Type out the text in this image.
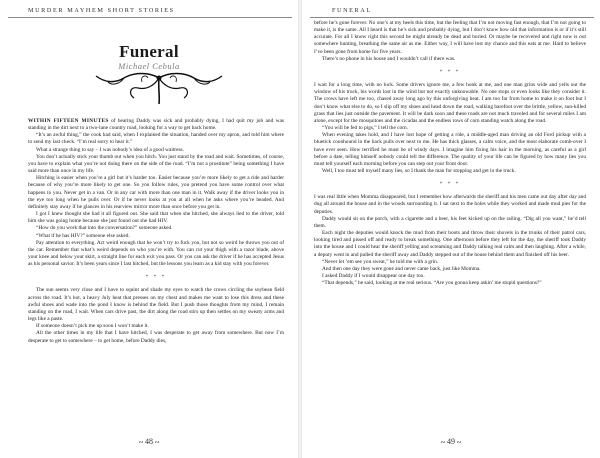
MURDER MAYHEM SHORT STORIES
Funeral
Michael Cebula

WITHIN FIFTEEN MINUTES of hearing Daddy was sick and probably dying, I had quit my job and was standing in the dirt next to a two-lane country road, looking for a way to get back home.

“It’s an awful thing,” the cook had said, when I explained the situation, handed over my apron, and told him where to send my last check. “I’m real sorry to hear it.”

What a strange thing to say – I was nobody’s idea of a good waitress.

You don’t actually stick your thumb out when you hitch. You just stand by the road and wait. Sometimes, of course, you have to explain what you’re not doing there on the side of the road. “I’m not a prostitute” being something I have said more than once in my life.

Hitching is easier when you’re a girl but it’s harder too. Easier because you’re more likely to get a ride and harder because of why you’re more likely to get one. So you follow rules, you pretend you have some control over what happens to you. Never get in a van. Or in any car with more than one man in it. Walk away if the driver looks you in the eye too long when he pulls over. Or if he never looks at you at all when he asks where you’re headed. And definitely stay away if he glances in his rearview mirror more than once before you get in.

I got I knew thought she had it all figured out. She said that when she hitched, she always lied to the driver, told him she was going home because she just found out she had HIV.

“How do you work that into the conversation?” someone asked.

“What if he has HIV?” someone else asked.

Pay attention to everything. Act weird enough that he won’t try to fuck you, but not so weird he throws you out of the car. Remember that what’s weird depends on who you’re with. You can cut your thigh with a razor blade, above your knee and below your skirt, a straight line for each exit you pass. Or you can ask the driver if he has accepted Jesus as his personal savior. It’s been years since I last hitched, but the lessons you learn as a kid stay with you forever.

* * *

The sun seems very close and I have to squint and shade my eyes to watch the crows circling the soybean field across the road. It’s hot, a heavy July heat that presses on my chest and makes me want to lose this dress and these awful shoes and wade into the pond I know is behind the field. But I push those thoughts from my mind, I remain standing on the road, I wait. When cars drive past, the dirt along the road stirs up then settles on my sweaty arms and legs like a paste.

If someone doesn’t pick me up soon I won’t make it.

All the other times in my life that I have hitched, I was desperate to get away from somewhere. But now I’m desperate to get to somewhere – to get home, before Daddy dies,

∾ 48 ∾
FUNERAL

before he’s gone forever. No one’s at my heels this time, but the feeling that I’m not moving fast enough, that I’m not going to make it, is the same. All I heard is that he’s sick and probably dying, but I don’t know how old that information is or if it’s still accurate. For all I know right this second he might already be dead and buried. Or maybe he recovered and right now is out somewhere hunting, breathing the same air as me. Either way, I will have lost my chance and this eats at me. Hard to believe I’ve been gone from home for five years.

There’s no phone in his house and I wouldn’t call if there was.

* * *

I wait for a long time, with no luck. Some drivers ignore me, a few honk at me, and one man grins wide and yells out the window of his truck, his words lost in the wind but not exactly unknowable. No one stops or even looks like they consider it. The crows have left me too, chased away long ago by this unforgiving heat. I am too far from home to make it on foot but I don’t know what else to do, so I slip off my shoes and head down the road, walking barefoot over the brittle, yellow, sun-killed grass that lies just outside the pavement. It will be dark soon and these roads are not much traveled and for several miles I am alone, except for the mosquitoes and the cicadas and the endless rows of corn standing watch along the road.

“You will be fed to pigs,” I tell the corn.

When evening takes hold, and I have lost hope of getting a ride, a middle-aged man driving an old Ford pickup with a bluetick coonhound in the back pulls over next to me. He has thick glasses, a calm voice, and the most elaborate comb-over I have ever seen. How terrified he must be of windy days. I imagine him fixing his hair in the morning, as careful as a girl before a date, telling himself nobody could tell the difference. The quality of your life can be figured by how many lies you must tell yourself each morning before you can step out your front door.

Well, I too must tell myself many lies, so I thank the man for stopping and get in the truck.

* * *

I was real little when Momma disappeared, but I remember how afterwards the sheriff and his men came out day after day and dug all around the house and in the woods surrounding it. I sat next to the holes while they worked and made mud pies for the deputies.

Daddy would sit on the porch, with a cigarette and a beer, his feet kicked up on the railing. “Dig all you want,” he’d tell them.

Each night the deputies would knock the mud from their boots and throw their shovels in the trunks of their patrol cars, looking tired and pissed off and ready to break something. One afternoon before they left for the day, the sheriff took Daddy into the house and I could hear the sheriff yelling and screaming and Daddy talking real calm and then laughing. After a while, a deputy went in and pulled the sheriff away and Daddy stepped out of the house behind them and finished off his beer.

“Never let ’em see you sweat,” he told me with a grin.

And then one day they were gone and never came back, just like Momma.

I asked Daddy if I would disappear one day too.

“That depends,” he said, looking at me real serious. “Are you gonna keep askin’ me stupid questions?”

∾ 49 ∾
